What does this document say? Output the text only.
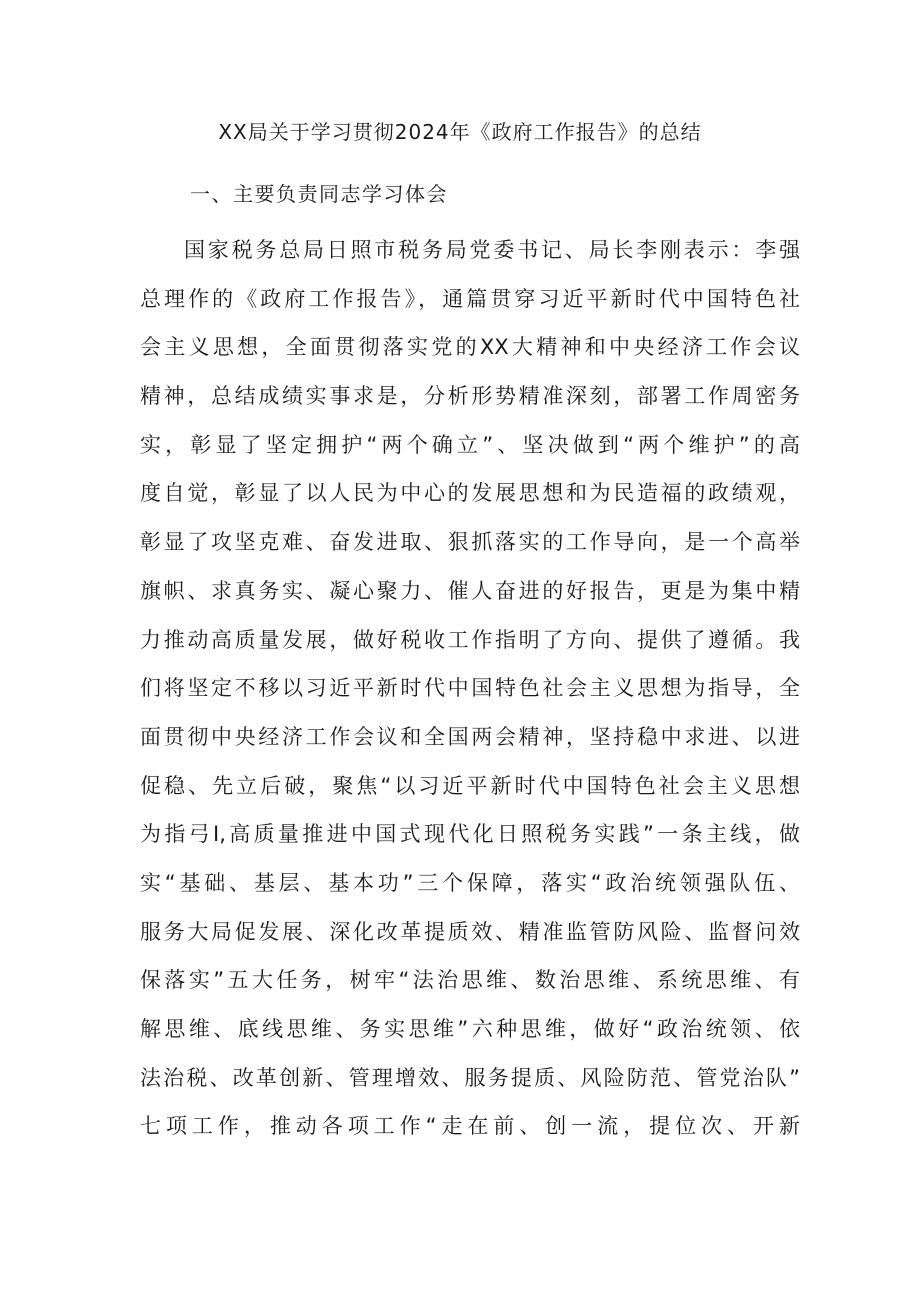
XX局关于学习贯彻2024年《政府工作报告》的总结
一、主要负责同志学习体会
国家税务总局日照市税务局党委书记、局长李刚表示：李强
总理作的《政府工作报告》，通篇贯穿习近平新时代中国特色社
会主义思想，全面贯彻落实党的XX大精神和中央经济工作会议
精神，总结成绩实事求是，分析形势精准深刻，部署工作周密务
实，彰显了坚定拥护“两个确立”、坚决做到“两个维护”的高
度自觉，彰显了以人民为中心的发展思想和为民造福的政绩观，
彰显了攻坚克难、奋发进取、狠抓落实的工作导向，是一个高举
旗帜、求真务实、凝心聚力、催人奋进的好报告，更是为集中精
力推动高质量发展，做好税收工作指明了方向、提供了遵循。我
们将坚定不移以习近平新时代中国特色社会主义思想为指导，全
面贯彻中央经济工作会议和全国两会精神，坚持稳中求进、以进
促稳、先立后破，聚焦“以习近平新时代中国特色社会主义思想
为指弓I,高质量推进中国式现代化日照税务实践”一条主线，做
实“基础、基层、基本功”三个保障，落实“政治统领强队伍、
服务大局促发展、深化改革提质效、精准监管防风险、监督问效
保落实”五大任务，树牢“法治思维、数治思维、系统思维、有
解思维、底线思维、务实思维”六种思维，做好“政治统领、依
法治税、改革创新、管理增效、服务提质、风险防范、管党治队”
七项工作，推动各项工作“走在前、创一流，提位次、开新
